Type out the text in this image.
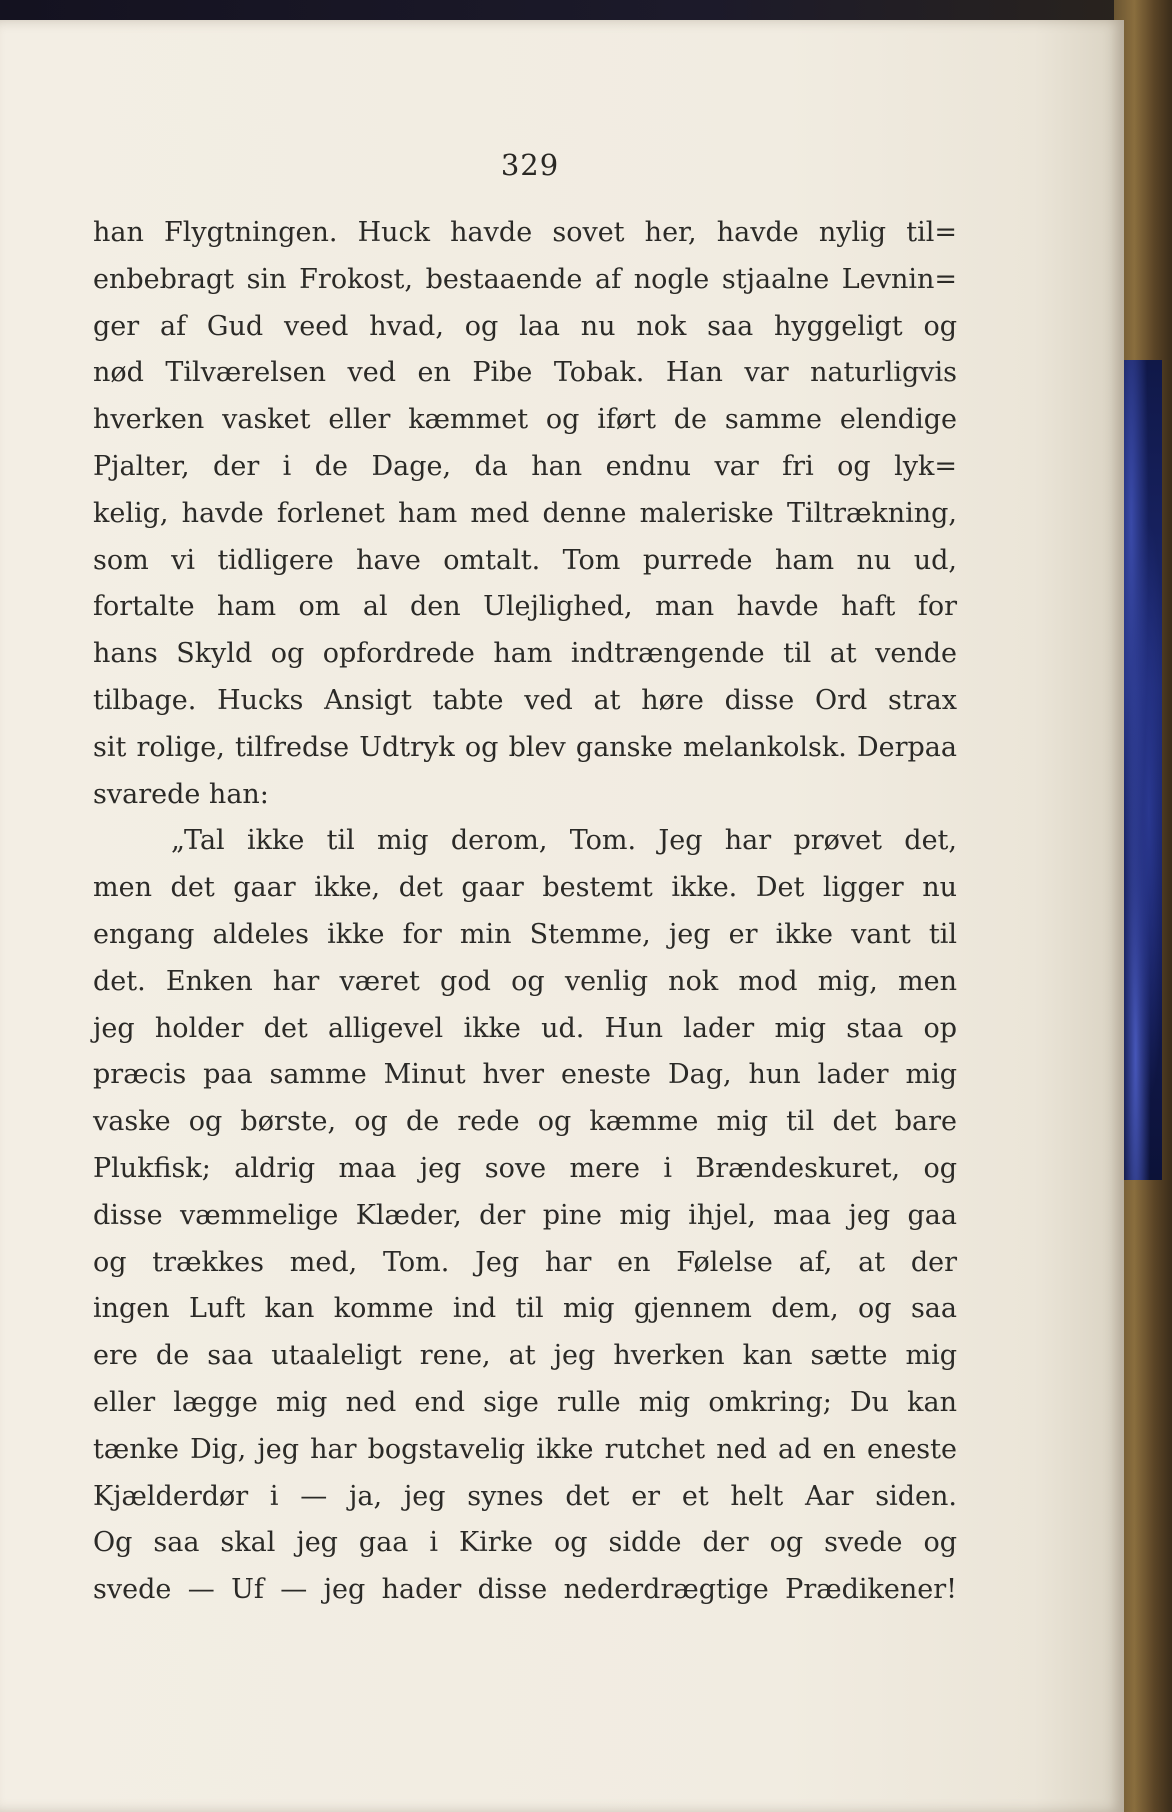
329
han Flygtningen. Huck havde sovet her, havde nylig til=
enbebragt sin Frokost, bestaaende af nogle stjaalne Levnin=
ger af Gud veed hvad, og laa nu nok saa hyggeligt og
nød Tilværelsen ved en Pibe Tobak. Han var naturligvis
hverken vasket eller kæmmet og iført de samme elendige
Pjalter, der i de Dage, da han endnu var fri og lyk=
kelig, havde forlenet ham med denne maleriske Tiltrækning,
som vi tidligere have omtalt. Tom purrede ham nu ud,
fortalte ham om al den Ulejlighed, man havde haft for
hans Skyld og opfordrede ham indtrængende til at vende
tilbage. Hucks Ansigt tabte ved at høre disse Ord strax
sit rolige, tilfredse Udtryk og blev ganske melankolsk. Derpaa
svarede han:
„Tal ikke til mig derom, Tom. Jeg har prøvet det,
men det gaar ikke, det gaar bestemt ikke. Det ligger nu
engang aldeles ikke for min Stemme, jeg er ikke vant til
det. Enken har været god og venlig nok mod mig, men
jeg holder det alligevel ikke ud. Hun lader mig staa op
præcis paa samme Minut hver eneste Dag, hun lader mig
vaske og børste, og de rede og kæmme mig til det bare
Plukfisk; aldrig maa jeg sove mere i Brændeskuret, og
disse væmmelige Klæder, der pine mig ihjel, maa jeg gaa
og trækkes med, Tom. Jeg har en Følelse af, at der
ingen Luft kan komme ind til mig gjennem dem, og saa
ere de saa utaaleligt rene, at jeg hverken kan sætte mig
eller lægge mig ned end sige rulle mig omkring; Du kan
tænke Dig, jeg har bogstavelig ikke rutchet ned ad en eneste
Kjælderdør i — ja, jeg synes det er et helt Aar siden.
Og saa skal jeg gaa i Kirke og sidde der og svede og
svede — Uf — jeg hader disse nederdrægtige Prædikener!
